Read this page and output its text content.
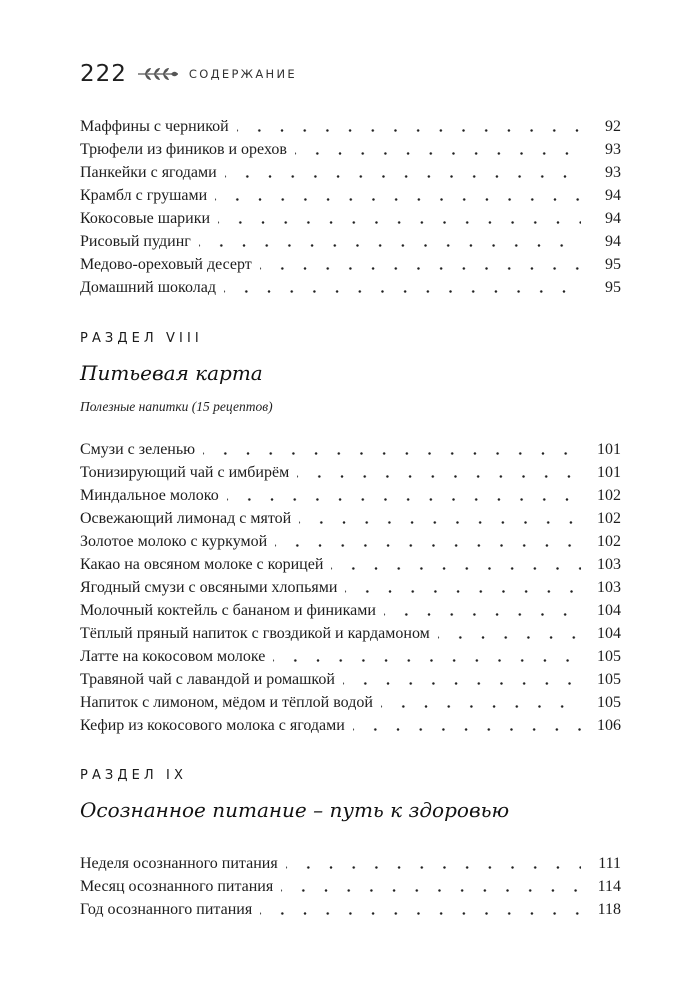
222	СОДЕРЖАНИЕ
Маффины с черникой	92
Трюфели из фиников и орехов	93
Панкейки с ягодами	93
Крамбл с грушами	94
Кокосовые шарики	94
Рисовый пудинг	94
Медово-ореховый десерт	95
Домашний шоколад	95
РАЗДЕЛ VIII
Питьевая карта
Полезные напитки (15 рецептов)
Смузи с зеленью	101
Тонизирующий чай с имбирём	101
Миндальное молоко	102
Освежающий лимонад с мятой	102
Золотое молоко с куркумой	102
Какао на овсяном молоке с корицей	103
Ягодный смузи с овсяными хлопьями	103
Молочный коктейль с бананом и финиками	104
Тёплый пряный напиток с гвоздикой и кардамоном	104
Латте на кокосовом молоке	105
Травяной чай с лавандой и ромашкой	105
Напиток с лимоном, мёдом и тёплой водой	105
Кефир из кокосового молока с ягодами	106
РАЗДЕЛ IX
Осознанное питание – путь к здоровью
Неделя осознанного питания	111
Месяц осознанного питания	114
Год осознанного питания	118
